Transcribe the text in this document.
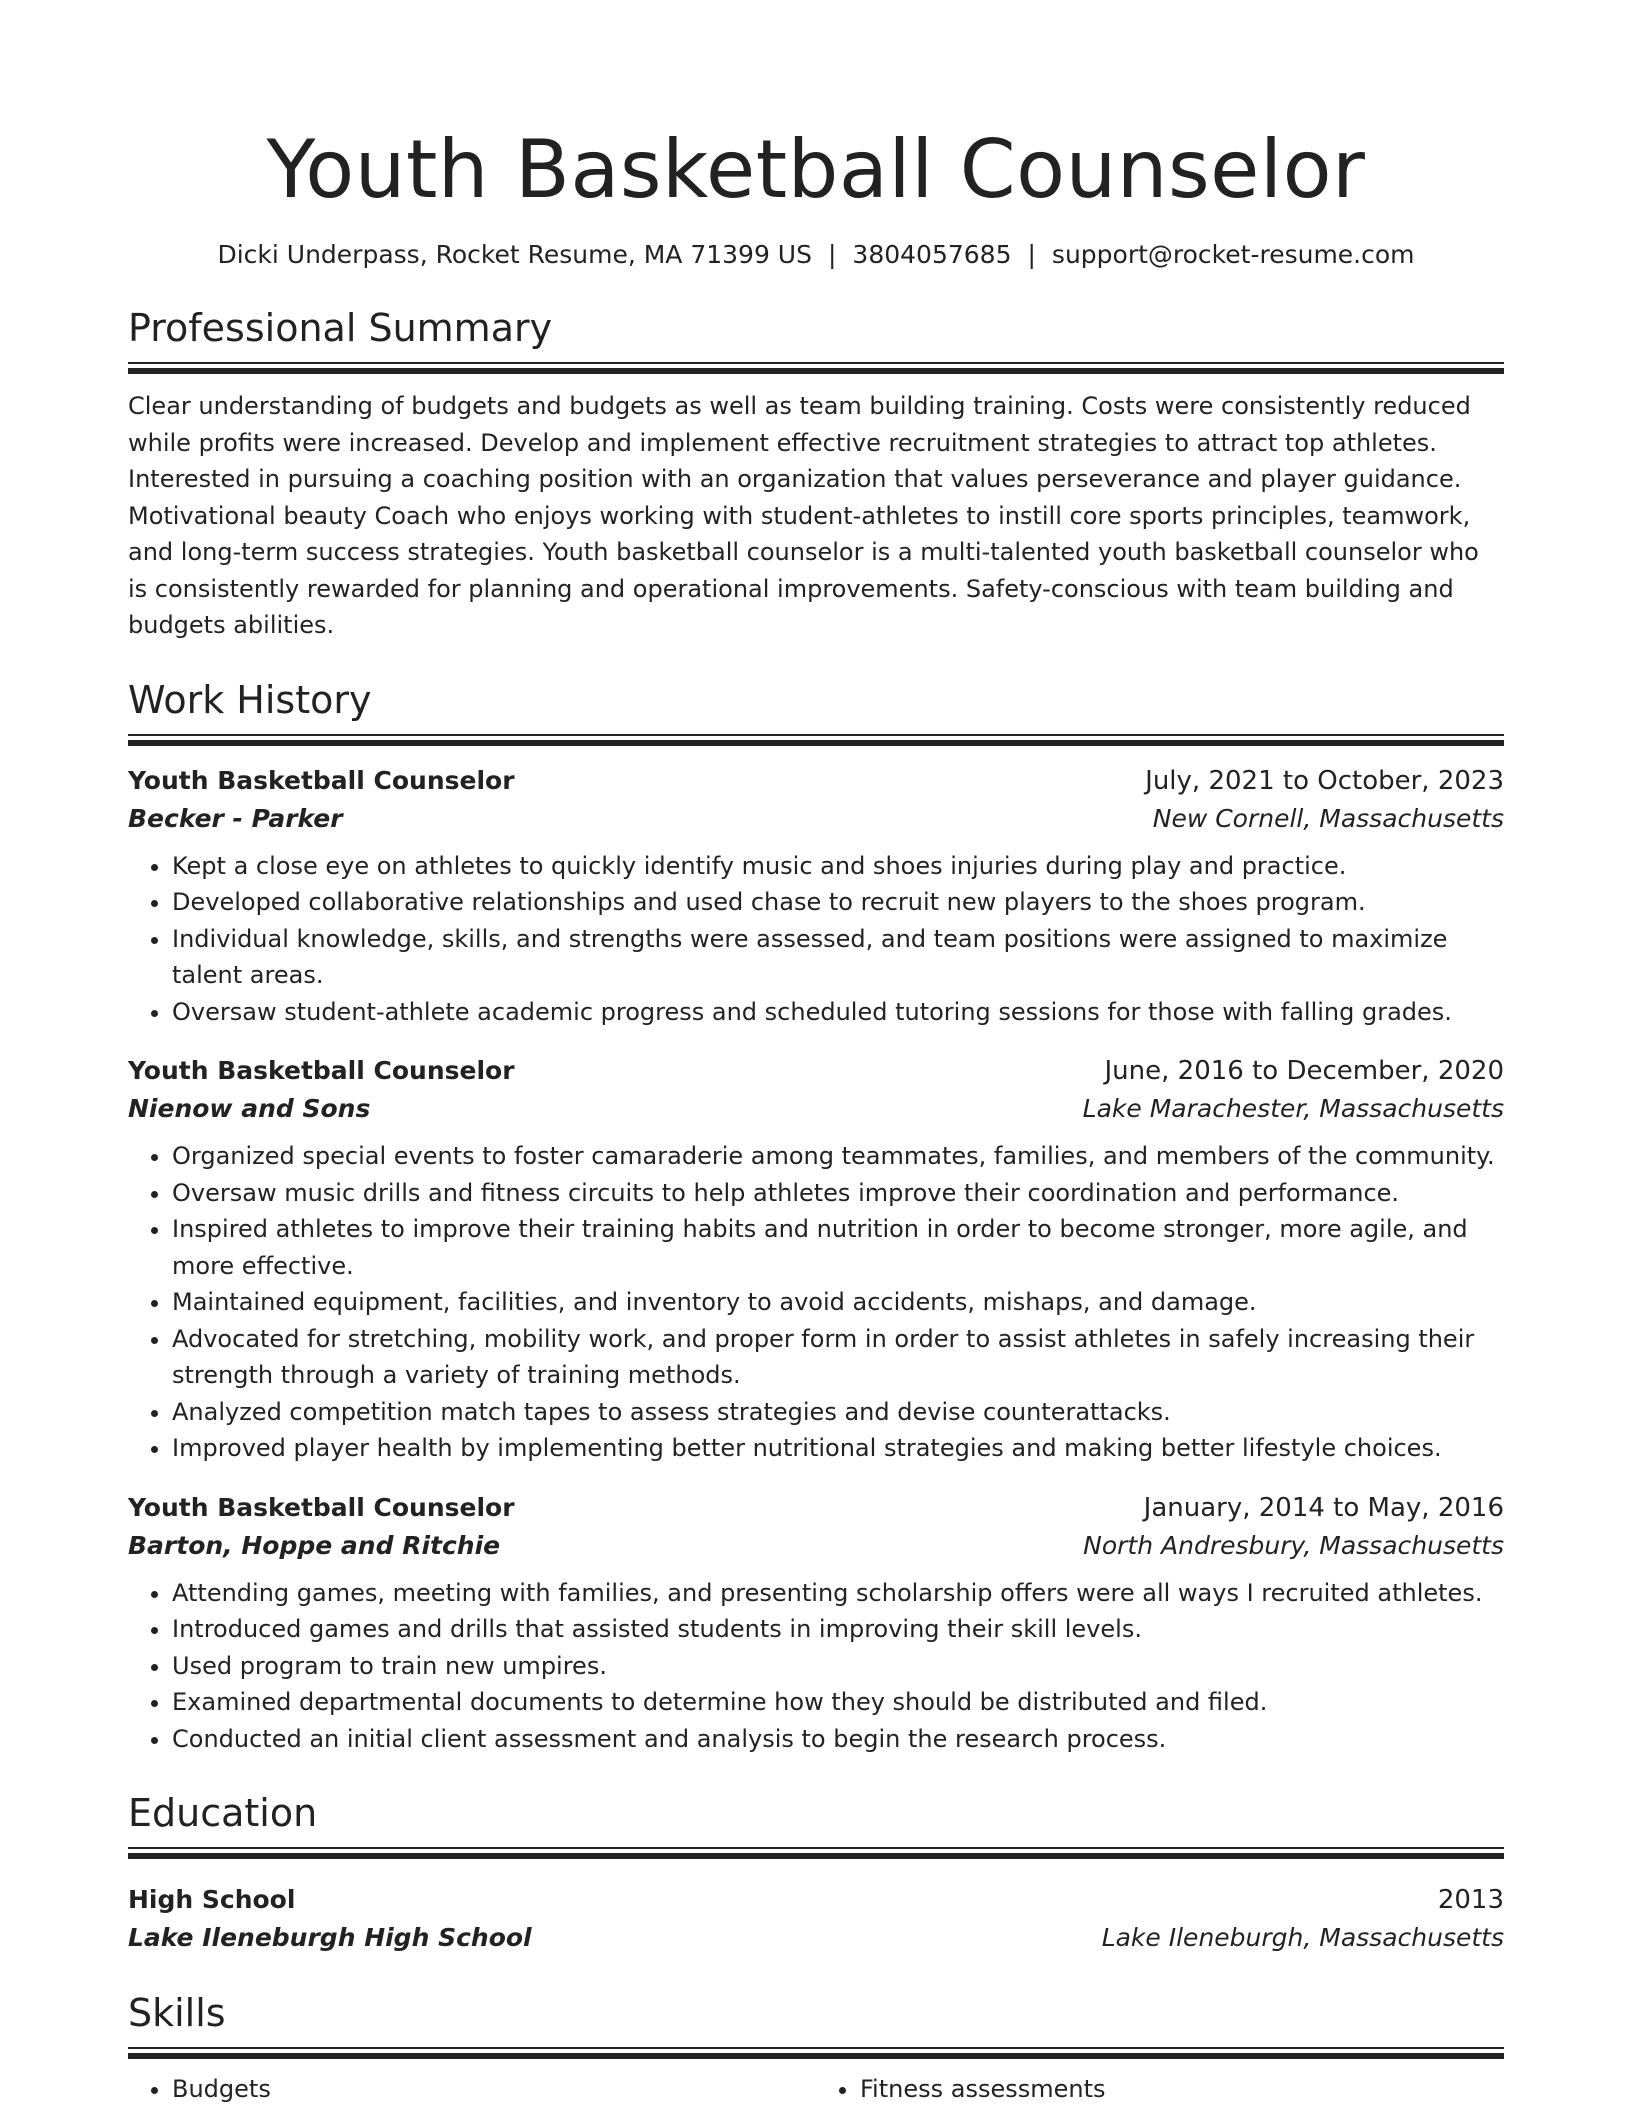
Youth Basketball Counselor
Dicki Underpass, Rocket Resume, MA 71399 US | 3804057685 | support@rocket-resume.com
Professional Summary
Clear understanding of budgets and budgets as well as team building training. Costs were consistently reduced while profits were increased. Develop and implement effective recruitment strategies to attract top athletes. Interested in pursuing a coaching position with an organization that values perseverance and player guidance. Motivational beauty Coach who enjoys working with student-athletes to instill core sports principles, teamwork, and long-term success strategies. Youth basketball counselor is a multi-talented youth basketball counselor who is consistently rewarded for planning and operational improvements. Safety-conscious with team building and budgets abilities.
Work History
Youth Basketball Counselor	July, 2021 to October, 2023
Becker - Parker	New Cornell, Massachusetts
• Kept a close eye on athletes to quickly identify music and shoes injuries during play and practice.
• Developed collaborative relationships and used chase to recruit new players to the shoes program.
• Individual knowledge, skills, and strengths were assessed, and team positions were assigned to maximize talent areas.
• Oversaw student-athlete academic progress and scheduled tutoring sessions for those with falling grades.
Youth Basketball Counselor	June, 2016 to December, 2020
Nienow and Sons	Lake Marachester, Massachusetts
• Organized special events to foster camaraderie among teammates, families, and members of the community.
• Oversaw music drills and fitness circuits to help athletes improve their coordination and performance.
• Inspired athletes to improve their training habits and nutrition in order to become stronger, more agile, and more effective.
• Maintained equipment, facilities, and inventory to avoid accidents, mishaps, and damage.
• Advocated for stretching, mobility work, and proper form in order to assist athletes in safely increasing their strength through a variety of training methods.
• Analyzed competition match tapes to assess strategies and devise counterattacks.
• Improved player health by implementing better nutritional strategies and making better lifestyle choices.
Youth Basketball Counselor	January, 2014 to May, 2016
Barton, Hoppe and Ritchie	North Andresbury, Massachusetts
• Attending games, meeting with families, and presenting scholarship offers were all ways I recruited athletes.
• Introduced games and drills that assisted students in improving their skill levels.
• Used program to train new umpires.
• Examined departmental documents to determine how they should be distributed and filed.
• Conducted an initial client assessment and analysis to begin the research process.
Education
High School	2013
Lake Ileneburgh High School	Lake Ileneburgh, Massachusetts
Skills
• Budgets
•	Fitness assessments
